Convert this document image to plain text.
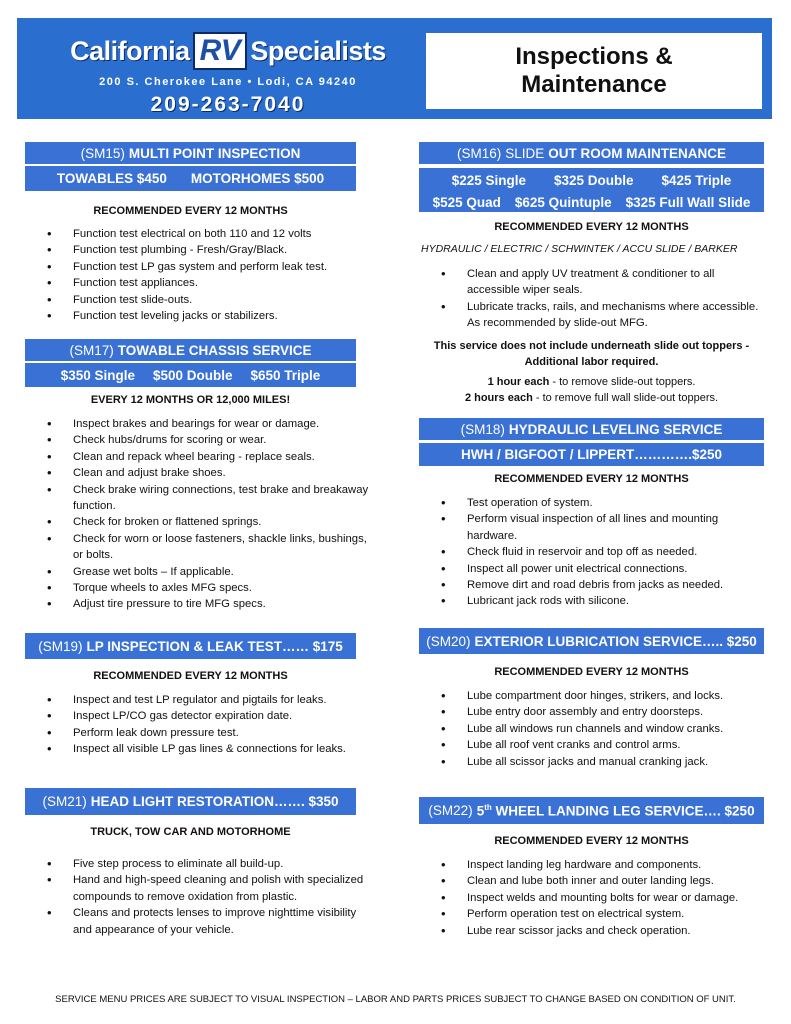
California RV Specialists
200 S. Cherokee Lane • Lodi, CA 94240
209-263-7040
Inspections &
Maintenance
(SM15) MULTI POINT INSPECTION
TOWABLES $450 MOTORHOMES $500
RECOMMENDED EVERY 12 MONTHS
• Function test electrical on both 110 and 12 volts
• Function test plumbing - Fresh/Gray/Black.
• Function test LP gas system and perform leak test.
• Function test appliances.
• Function test slide-outs.
• Function test leveling jacks or stabilizers.
(SM17) TOWABLE CHASSIS SERVICE
$350 Single $500 Double $650 Triple
EVERY 12 MONTHS OR 12,000 MILES!
• Inspect brakes and bearings for wear or damage.
• Check hubs/drums for scoring or wear.
• Clean and repack wheel bearing - replace seals.
• Clean and adjust brake shoes.
• Check brake wiring connections, test brake and breakaway function.
• Check for broken or flattened springs.
• Check for worn or loose fasteners, shackle links, bushings, or bolts.
• Grease wet bolts – If applicable.
• Torque wheels to axles MFG specs.
• Adjust tire pressure to tire MFG specs.
(SM19) LP INSPECTION & LEAK TEST…… $175
RECOMMENDED EVERY 12 MONTHS
• Inspect and test LP regulator and pigtails for leaks.
• Inspect LP/CO gas detector expiration date.
• Perform leak down pressure test.
• Inspect all visible LP gas lines & connections for leaks.
(SM21) HEAD LIGHT RESTORATION……. $350
TRUCK, TOW CAR AND MOTORHOME
• Five step process to eliminate all build-up.
• Hand and high-speed cleaning and polish with specialized compounds to remove oxidation from plastic.
• Cleans and protects lenses to improve nighttime visibility and appearance of your vehicle.
(SM16) SLIDE OUT ROOM MAINTENANCE
$225 Single $325 Double $425 Triple
$525 Quad $625 Quintuple $325 Full Wall Slide
RECOMMENDED EVERY 12 MONTHS
HYDRAULIC / ELECTRIC / SCHWINTEK / ACCU SLIDE / BARKER
• Clean and apply UV treatment & conditioner to all accessible wiper seals.
• Lubricate tracks, rails, and mechanisms where accessible. As recommended by slide-out MFG.
This service does not include underneath slide out toppers -
Additional labor required.
1 hour each - to remove slide-out toppers.
2 hours each - to remove full wall slide-out toppers.
(SM18) HYDRAULIC LEVELING SERVICE
HWH / BIGFOOT / LIPPERT………….$250
RECOMMENDED EVERY 12 MONTHS
• Test operation of system.
• Perform visual inspection of all lines and mounting hardware.
• Check fluid in reservoir and top off as needed.
• Inspect all power unit electrical connections.
• Remove dirt and road debris from jacks as needed.
• Lubricant jack rods with silicone.
(SM20) EXTERIOR LUBRICATION SERVICE….. $250
RECOMMENDED EVERY 12 MONTHS
• Lube compartment door hinges, strikers, and locks.
• Lube entry door assembly and entry doorsteps.
• Lube all windows run channels and window cranks.
• Lube all roof vent cranks and control arms.
• Lube all scissor jacks and manual cranking jack.
(SM22) 5th WHEEL LANDING LEG SERVICE…. $250
RECOMMENDED EVERY 12 MONTHS
• Inspect landing leg hardware and components.
• Clean and lube both inner and outer landing legs.
• Inspect welds and mounting bolts for wear or damage.
• Perform operation test on electrical system.
• Lube rear scissor jacks and check operation.
SERVICE MENU PRICES ARE SUBJECT TO VISUAL INSPECTION – LABOR AND PARTS PRICES SUBJECT TO CHANGE BASED ON CONDITION OF UNIT.
